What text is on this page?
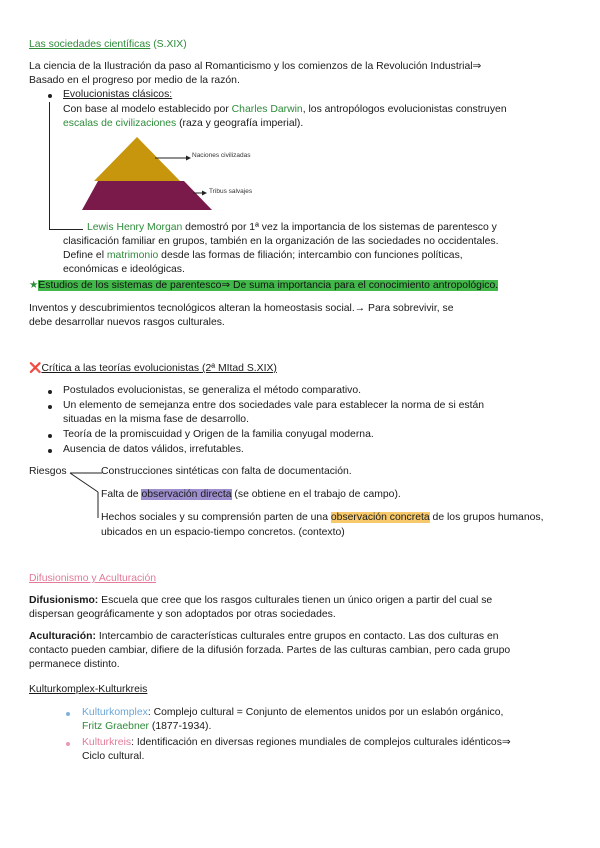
Las sociedades científicas (S.XIX)
La ciencia de la Ilustración da paso al Romanticismo y los comienzos de la Revolución Industrial⇒
Basado en el progreso por medio de la razón.
Evolucionistas clásicos:
Con base al modelo establecido por Charles Darwin, los antropólogos evolucionistas construyen
escalas de civilizaciones (raza y geografía imperial).
Naciones civilizadas
Tribus salvajes
Lewis Henry Morgan demostró por 1ª vez la importancia de los sistemas de parentesco y
clasificación familiar en grupos, también en la organización de las sociedades no occidentales.
Define el matrimonio desde las formas de filiación; intercambio con funciones políticas,
económicas e ideológicas.
★Estudios de los sistemas de parentesco⇒ De suma importancia para el conocimiento antropológico.
Inventos y descubrimientos tecnológicos alteran la homeostasis social.→ Para sobrevivir, se
debe desarrollar nuevos rasgos culturales.
❌Crítica a las teorías evolucionistas (2ª MItad S.XIX)
Postulados evolucionistas, se generaliza el método comparativo.
Un elemento de semejanza entre dos sociedades vale para establecer la norma de si están
situadas en la misma fase de desarrollo.
Teoría de la promiscuidad y Origen de la familia conyugal moderna.
Ausencia de datos válidos, irrefutables.
Riesgos	Construcciones sintéticas con falta de documentación.
Falta de observación directa (se obtiene en el trabajo de campo).
Hechos sociales y su comprensión parten de una observación concreta de los grupos humanos,
ubicados en un espacio-tiempo concretos. (contexto)
Difusionismo y Aculturación
Difusionismo: Escuela que cree que los rasgos culturales tienen un único origen a partir del cual se
dispersan geográficamente y son adoptados por otras sociedades.
Aculturación: Intercambio de características culturales entre grupos en contacto. Las dos culturas en
contacto pueden cambiar, difiere de la difusión forzada. Partes de las culturas cambian, pero cada grupo
permanece distinto.
Kulturkomplex-Kulturkreis
Kulturkomplex: Complejo cultural = Conjunto de elementos unidos por un eslabón orgánico,
Fritz Graebner (1877-1934).
Kulturkreis: Identificación en diversas regiones mundiales de complejos culturales idénticos⇒
Ciclo cultural.
